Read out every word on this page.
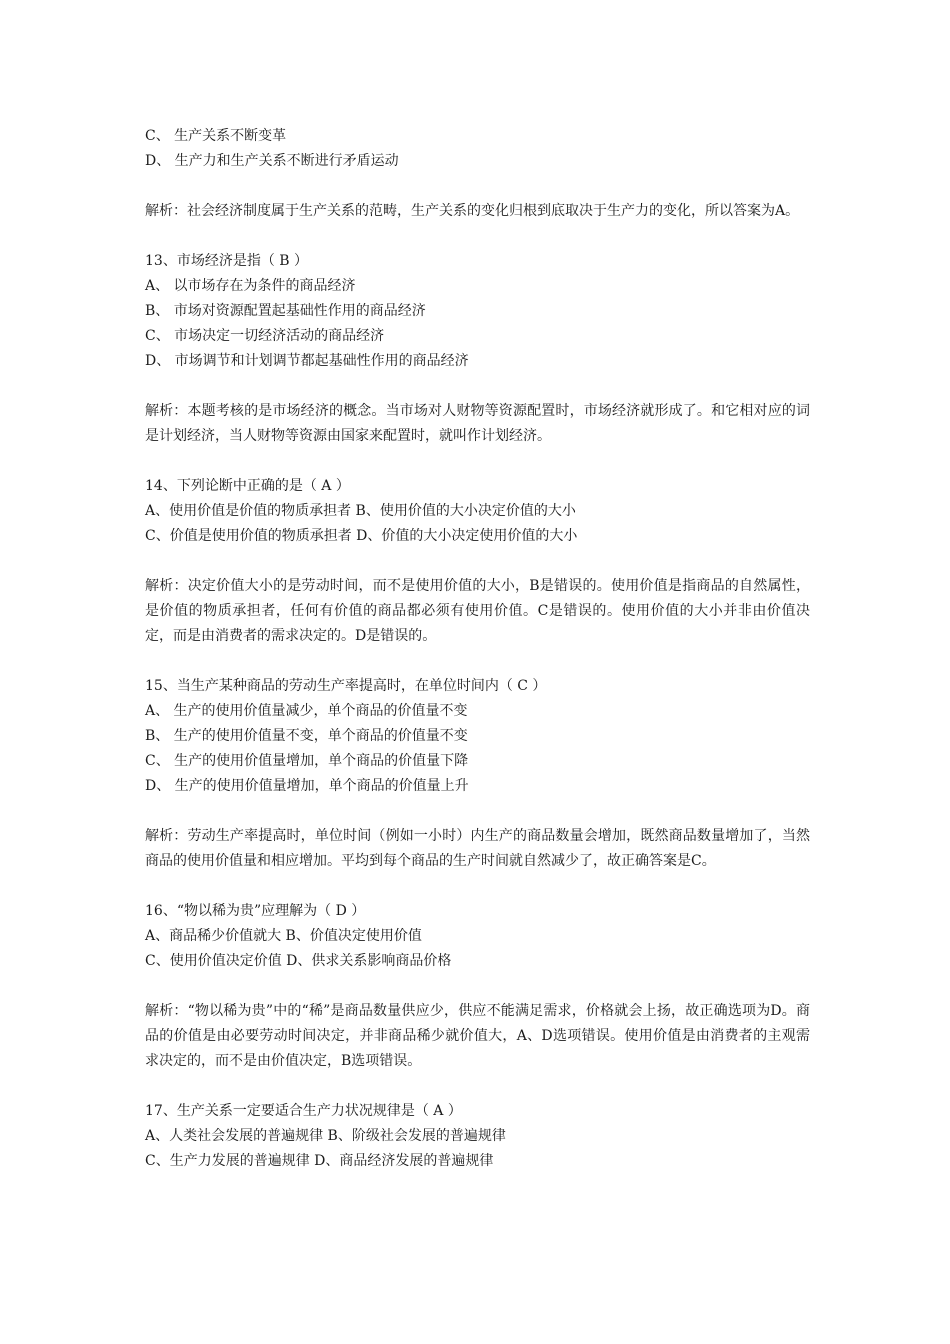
C、 生产关系不断变革
D、 生产力和生产关系不断进行矛盾运动

解析：社会经济制度属于生产关系的范畴，生产关系的变化归根到底取决于生产力的变化，所以答案为A。

13、市场经济是指（ B ）
A、 以市场存在为条件的商品经济
B、 市场对资源配置起基础性作用的商品经济
C、 市场决定一切经济活动的商品经济
D、 市场调节和计划调节都起基础性作用的商品经济

解析：本题考核的是市场经济的概念。当市场对人财物等资源配置时，市场经济就形成了。和它相对应的词是计划经济，当人财物等资源由国家来配置时，就叫作计划经济。

14、下列论断中正确的是（ A ）
A、使用价值是价值的物质承担者 B、使用价值的大小决定价值的大小
C、价值是使用价值的物质承担者 D、价值的大小决定使用价值的大小

解析：决定价值大小的是劳动时间，而不是使用价值的大小，B是错误的。使用价值是指商品的自然属性，是价值的物质承担者，任何有价值的商品都必须有使用价值。C是错误的。使用价值的大小并非由价值决定，而是由消费者的需求决定的。D是错误的。

15、当生产某种商品的劳动生产率提高时，在单位时间内（ C ）
A、 生产的使用价值量减少，单个商品的价值量不变
B、 生产的使用价值量不变，单个商品的价值量不变
C、 生产的使用价值量增加，单个商品的价值量下降
D、 生产的使用价值量增加，单个商品的价值量上升

解析：劳动生产率提高时，单位时间（例如一小时）内生产的商品数量会增加，既然商品数量增加了，当然商品的使用价值量和相应增加。平均到每个商品的生产时间就自然减少了，故正确答案是C。

16、“物以稀为贵”应理解为（ D ）
A、商品稀少价值就大 B、价值决定使用价值
C、使用价值决定价值 D、供求关系影响商品价格

解析：“物以稀为贵”中的“稀”是商品数量供应少，供应不能满足需求，价格就会上扬，故正确选项为D。商品的价值是由必要劳动时间决定，并非商品稀少就价值大，A、D选项错误。使用价值是由消费者的主观需求决定的，而不是由价值决定，B选项错误。

17、生产关系一定要适合生产力状况规律是（ A ）
A、人类社会发展的普遍规律 B、阶级社会发展的普遍规律
C、生产力发展的普遍规律 D、商品经济发展的普遍规律
